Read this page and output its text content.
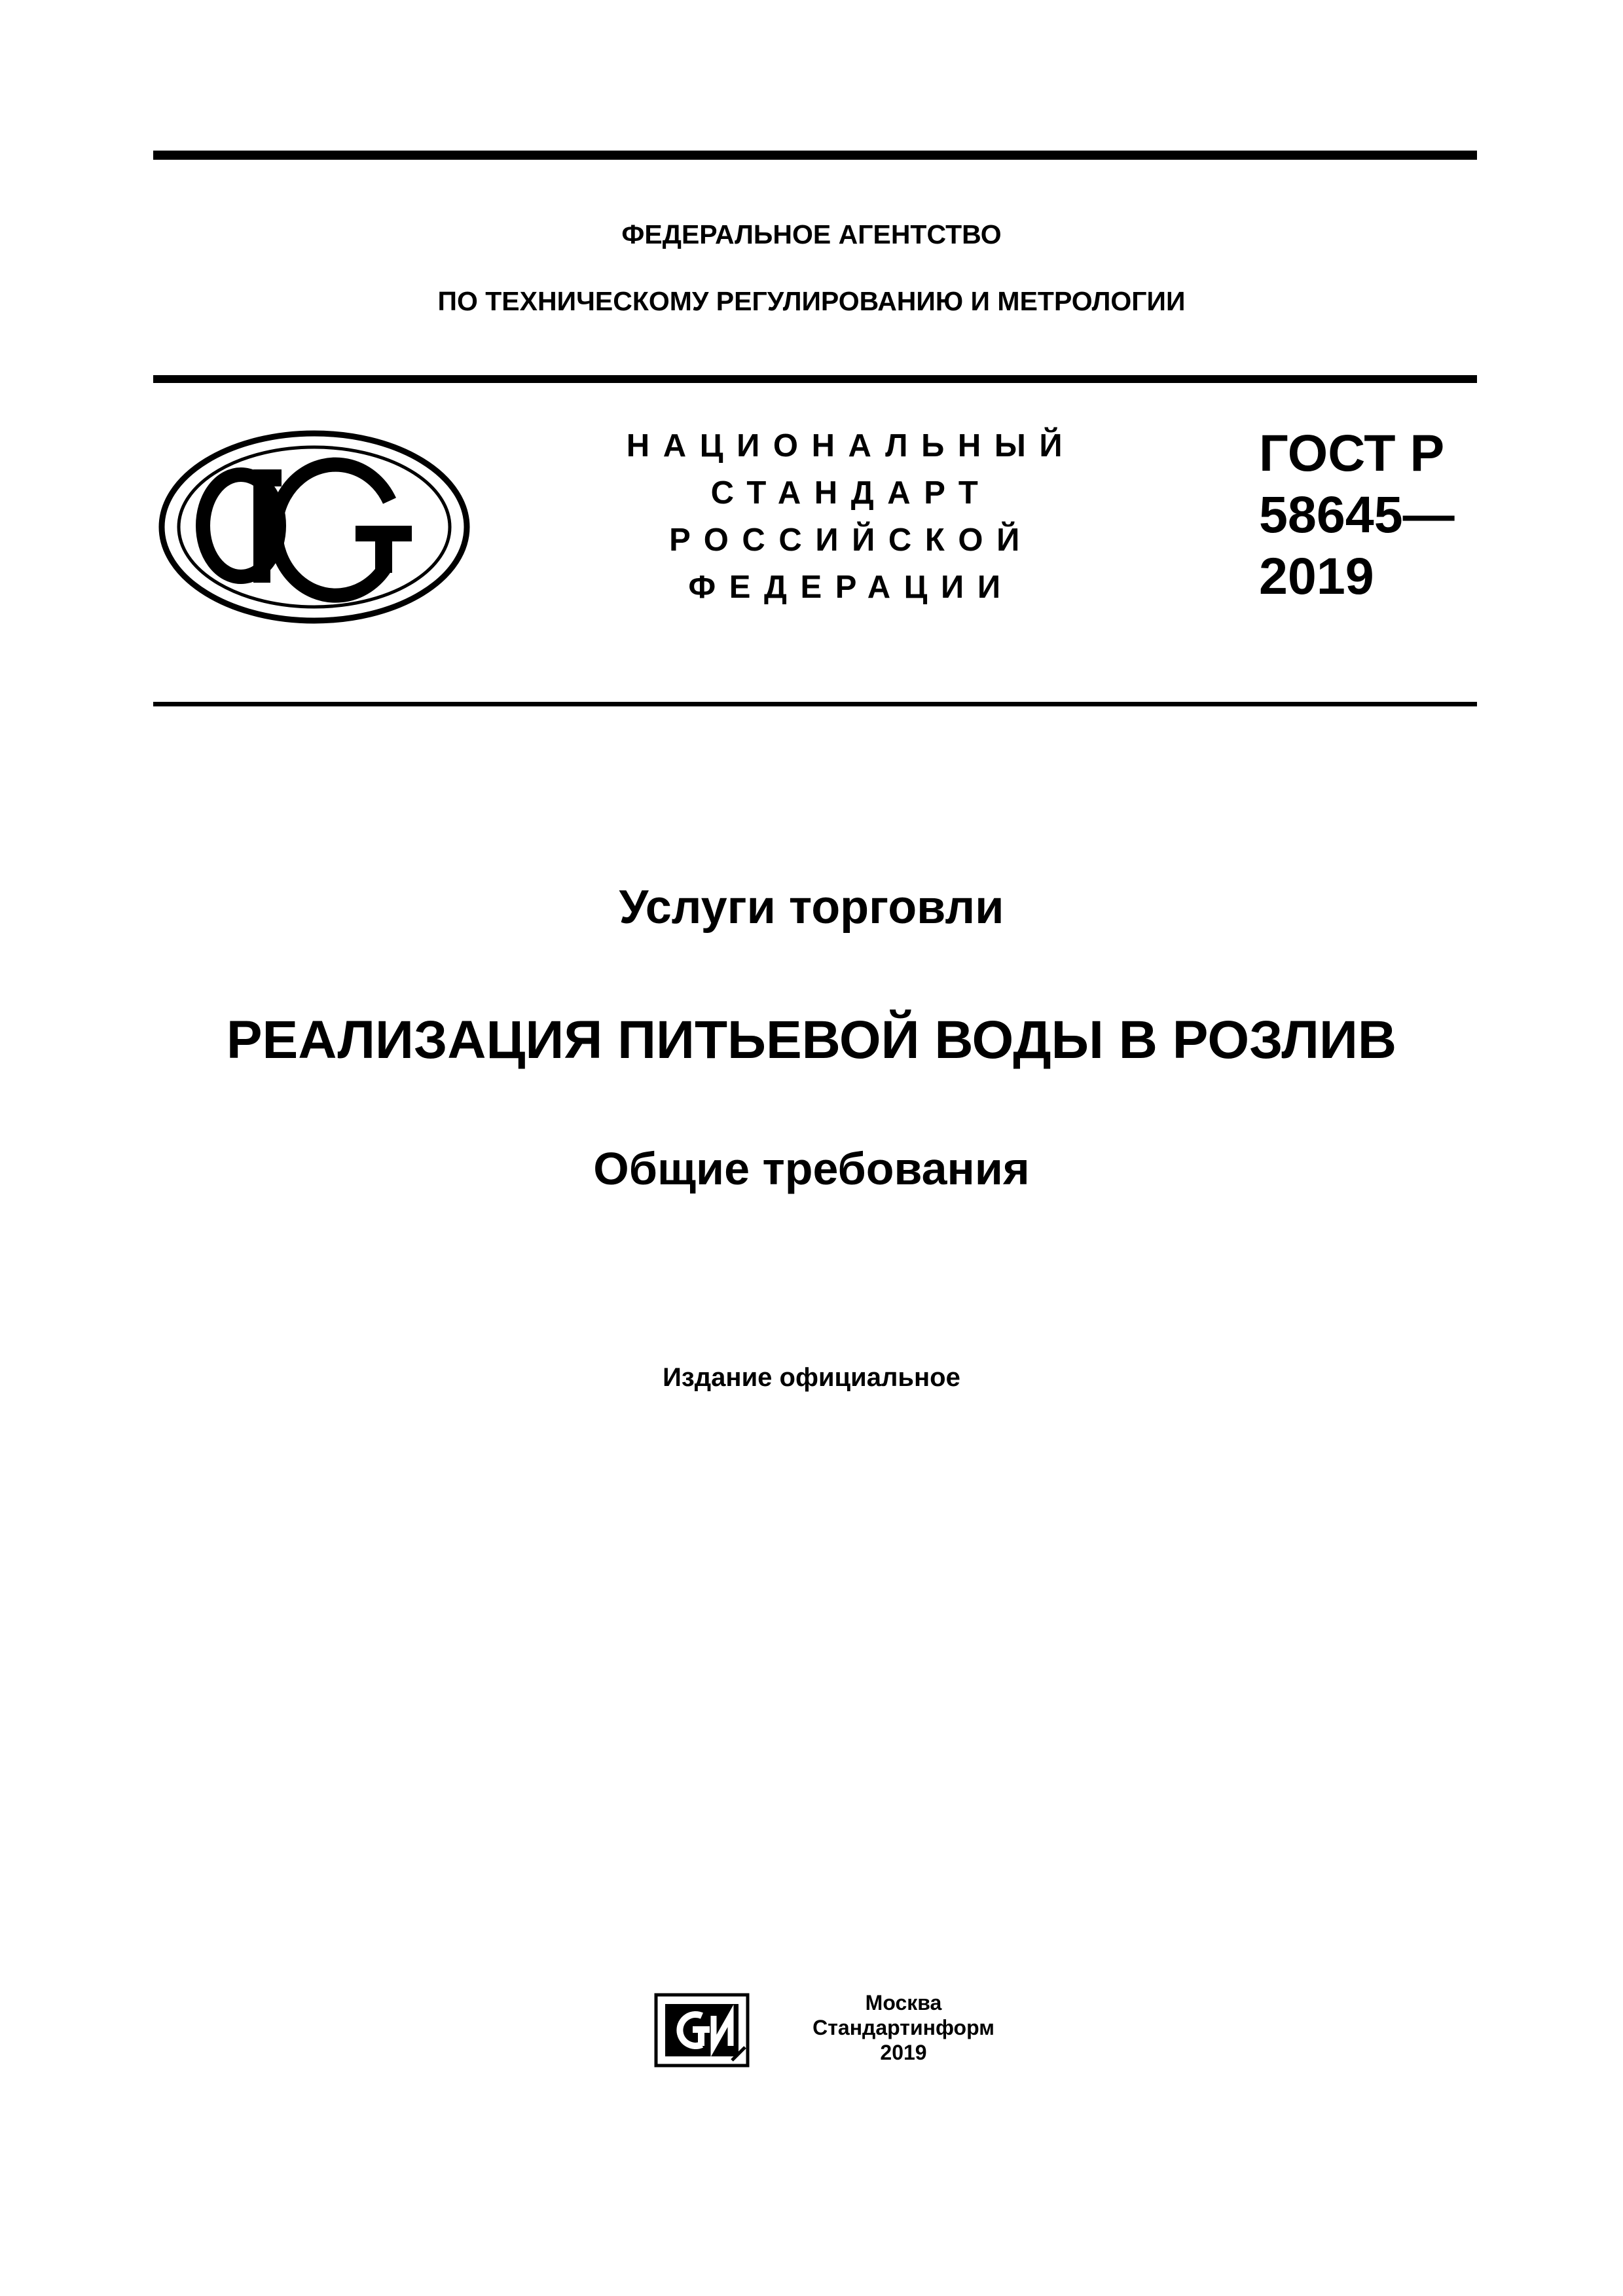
ФЕДЕРАЛЬНОЕ АГЕНТСТВО
ПО ТЕХНИЧЕСКОМУ РЕГУЛИРОВАНИЮ И МЕТРОЛОГИИ
НАЦИОНАЛЬНЫЙ
СТАНДАРТ
РОССИЙСКОЙ
ФЕДЕРАЦИИ
ГОСТ Р
58645—
2019
Услуги торговли
РЕАЛИЗАЦИЯ ПИТЬЕВОЙ ВОДЫ В РОЗЛИВ
Общие требования
Издание официальное
Москва
Стандартинформ
2019
